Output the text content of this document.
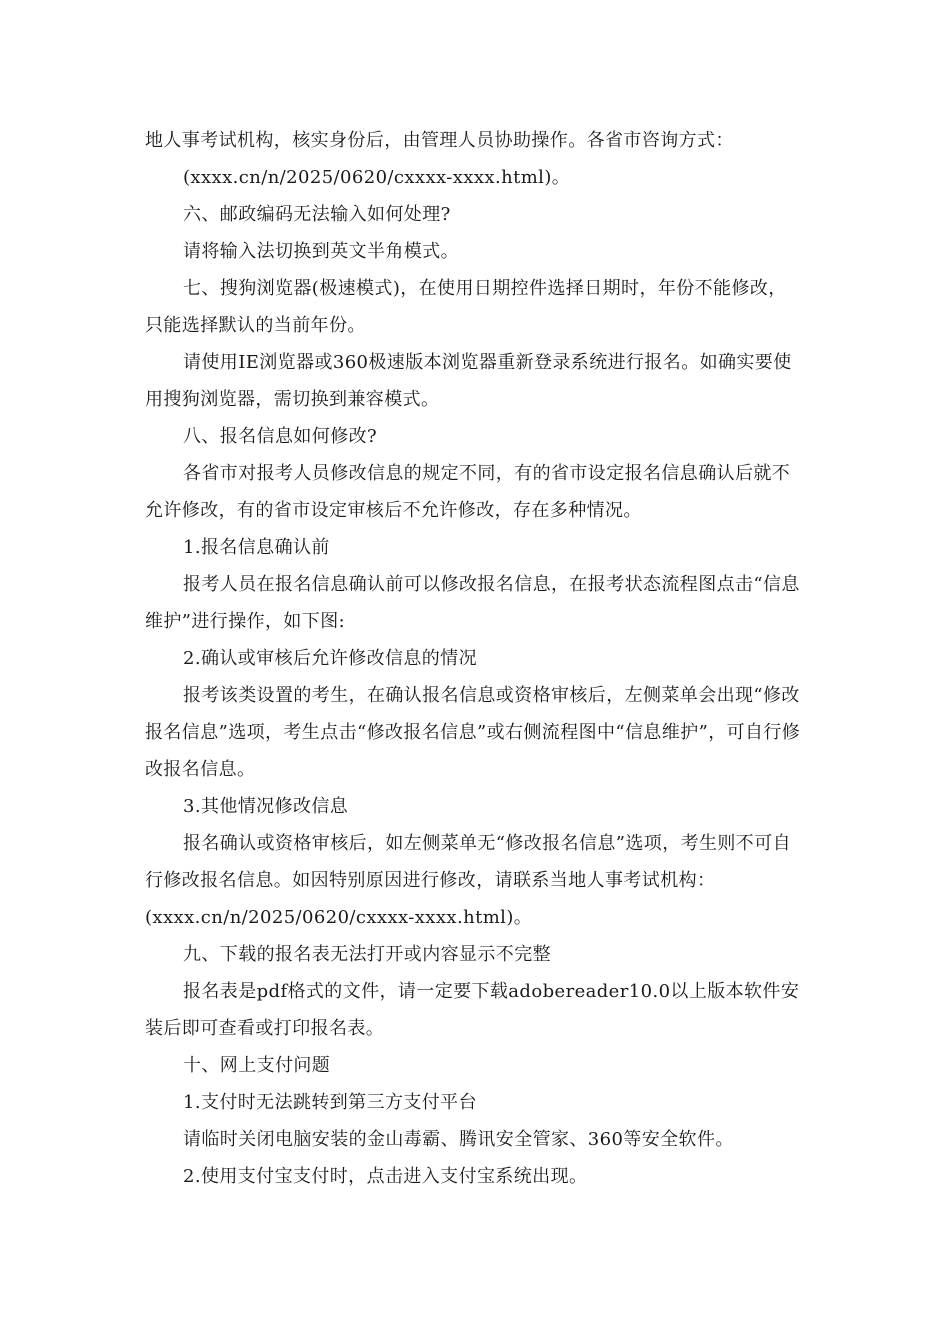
地人事考试机构，核实身份后，由管理人员协助操作。各省市咨询方式：

(xxxx.cn/n/2025/0620/cxxxx-xxxx.html)。

六、邮政编码无法输入如何处理?

请将输入法切换到英文半角模式。

七、搜狗浏览器(极速模式)，在使用日期控件选择日期时，年份不能修改，只能选择默认的当前年份。

请使用IE浏览器或360极速版本浏览器重新登录系统进行报名。如确实要使用搜狗浏览器，需切换到兼容模式。

八、报名信息如何修改?

各省市对报考人员修改信息的规定不同，有的省市设定报名信息确认后就不允许修改，有的省市设定审核后不允许修改，存在多种情况。

1.报名信息确认前

报考人员在报名信息确认前可以修改报名信息，在报考状态流程图点击“信息维护”进行操作，如下图:

2.确认或审核后允许修改信息的情况

报考该类设置的考生，在确认报名信息或资格审核后，左侧菜单会出现“修改报名信息”选项，考生点击“修改报名信息”或右侧流程图中“信息维护”，可自行修改报名信息。

3.其他情况修改信息

报名确认或资格审核后，如左侧菜单无“修改报名信息”选项，考生则不可自行修改报名信息。如因特别原因进行修改，请联系当地人事考试机构：

(xxxx.cn/n/2025/0620/cxxxx-xxxx.html)。

九、下载的报名表无法打开或内容显示不完整

报名表是pdf格式的文件，请一定要下载adobereader10.0以上版本软件安装后即可查看或打印报名表。

十、网上支付问题

1.支付时无法跳转到第三方支付平台

请临时关闭电脑安装的金山毒霸、腾讯安全管家、360等安全软件。

2.使用支付宝支付时，点击进入支付宝系统出现。
